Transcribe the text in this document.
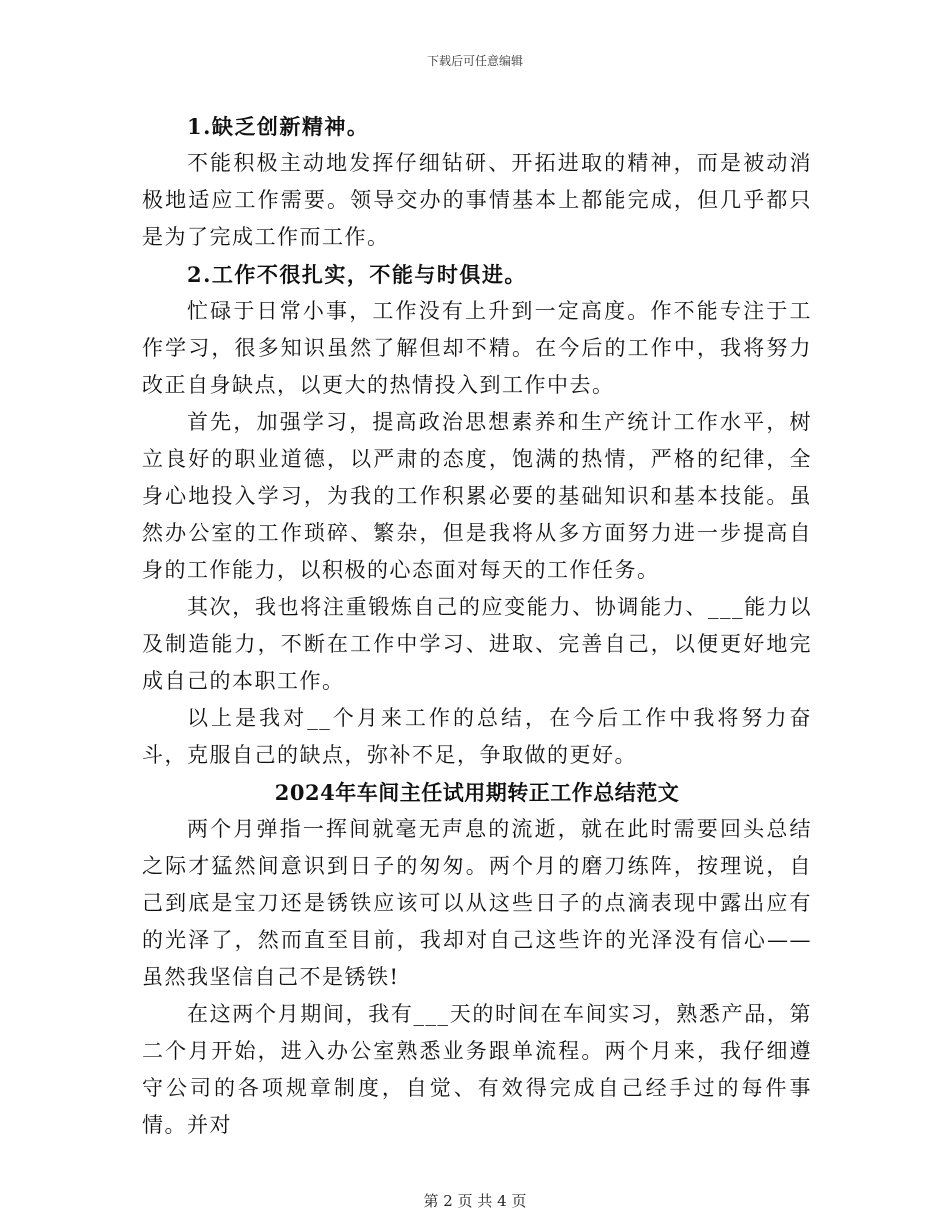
下载后可任意编辑

1.缺乏创新精神。

不能积极主动地发挥仔细钻研、开拓进取的精神，而是被动消极地适应工作需要。领导交办的事情基本上都能完成，但几乎都只是为了完成工作而工作。

2.工作不很扎实，不能与时俱进。

忙碌于日常小事，工作没有上升到一定高度。作不能专注于工作学习，很多知识虽然了解但却不精。在今后的工作中，我将努力改正自身缺点，以更大的热情投入到工作中去。

首先，加强学习，提高政治思想素养和生产统计工作水平，树立良好的职业道德，以严肃的态度，饱满的热情，严格的纪律，全身心地投入学习，为我的工作积累必要的基础知识和基本技能。虽然办公室的工作琐碎、繁杂，但是我将从多方面努力进一步提高自身的工作能力，以积极的心态面对每天的工作任务。

其次，我也将注重锻炼自己的应变能力、协调能力、___能力以及制造能力，不断在工作中学习、进取、完善自己，以便更好地完成自己的本职工作。

以上是我对__个月来工作的总结，在今后工作中我将努力奋斗，克服自己的缺点，弥补不足，争取做的更好。

2024年车间主任试用期转正工作总结范文

两个月弹指一挥间就毫无声息的流逝，就在此时需要回头总结之际才猛然间意识到日子的匆匆。两个月的磨刀练阵，按理说，自己到底是宝刀还是锈铁应该可以从这些日子的点滴表现中露出应有的光泽了，然而直至目前，我却对自己这些许的光泽没有信心——虽然我坚信自己不是锈铁!

在这两个月期间，我有___天的时间在车间实习，熟悉产品，第二个月开始，进入办公室熟悉业务跟单流程。两个月来，我仔细遵守公司的各项规章制度，自觉、有效得完成自己经手过的每件事情。并对

第 2 页 共 4 页
